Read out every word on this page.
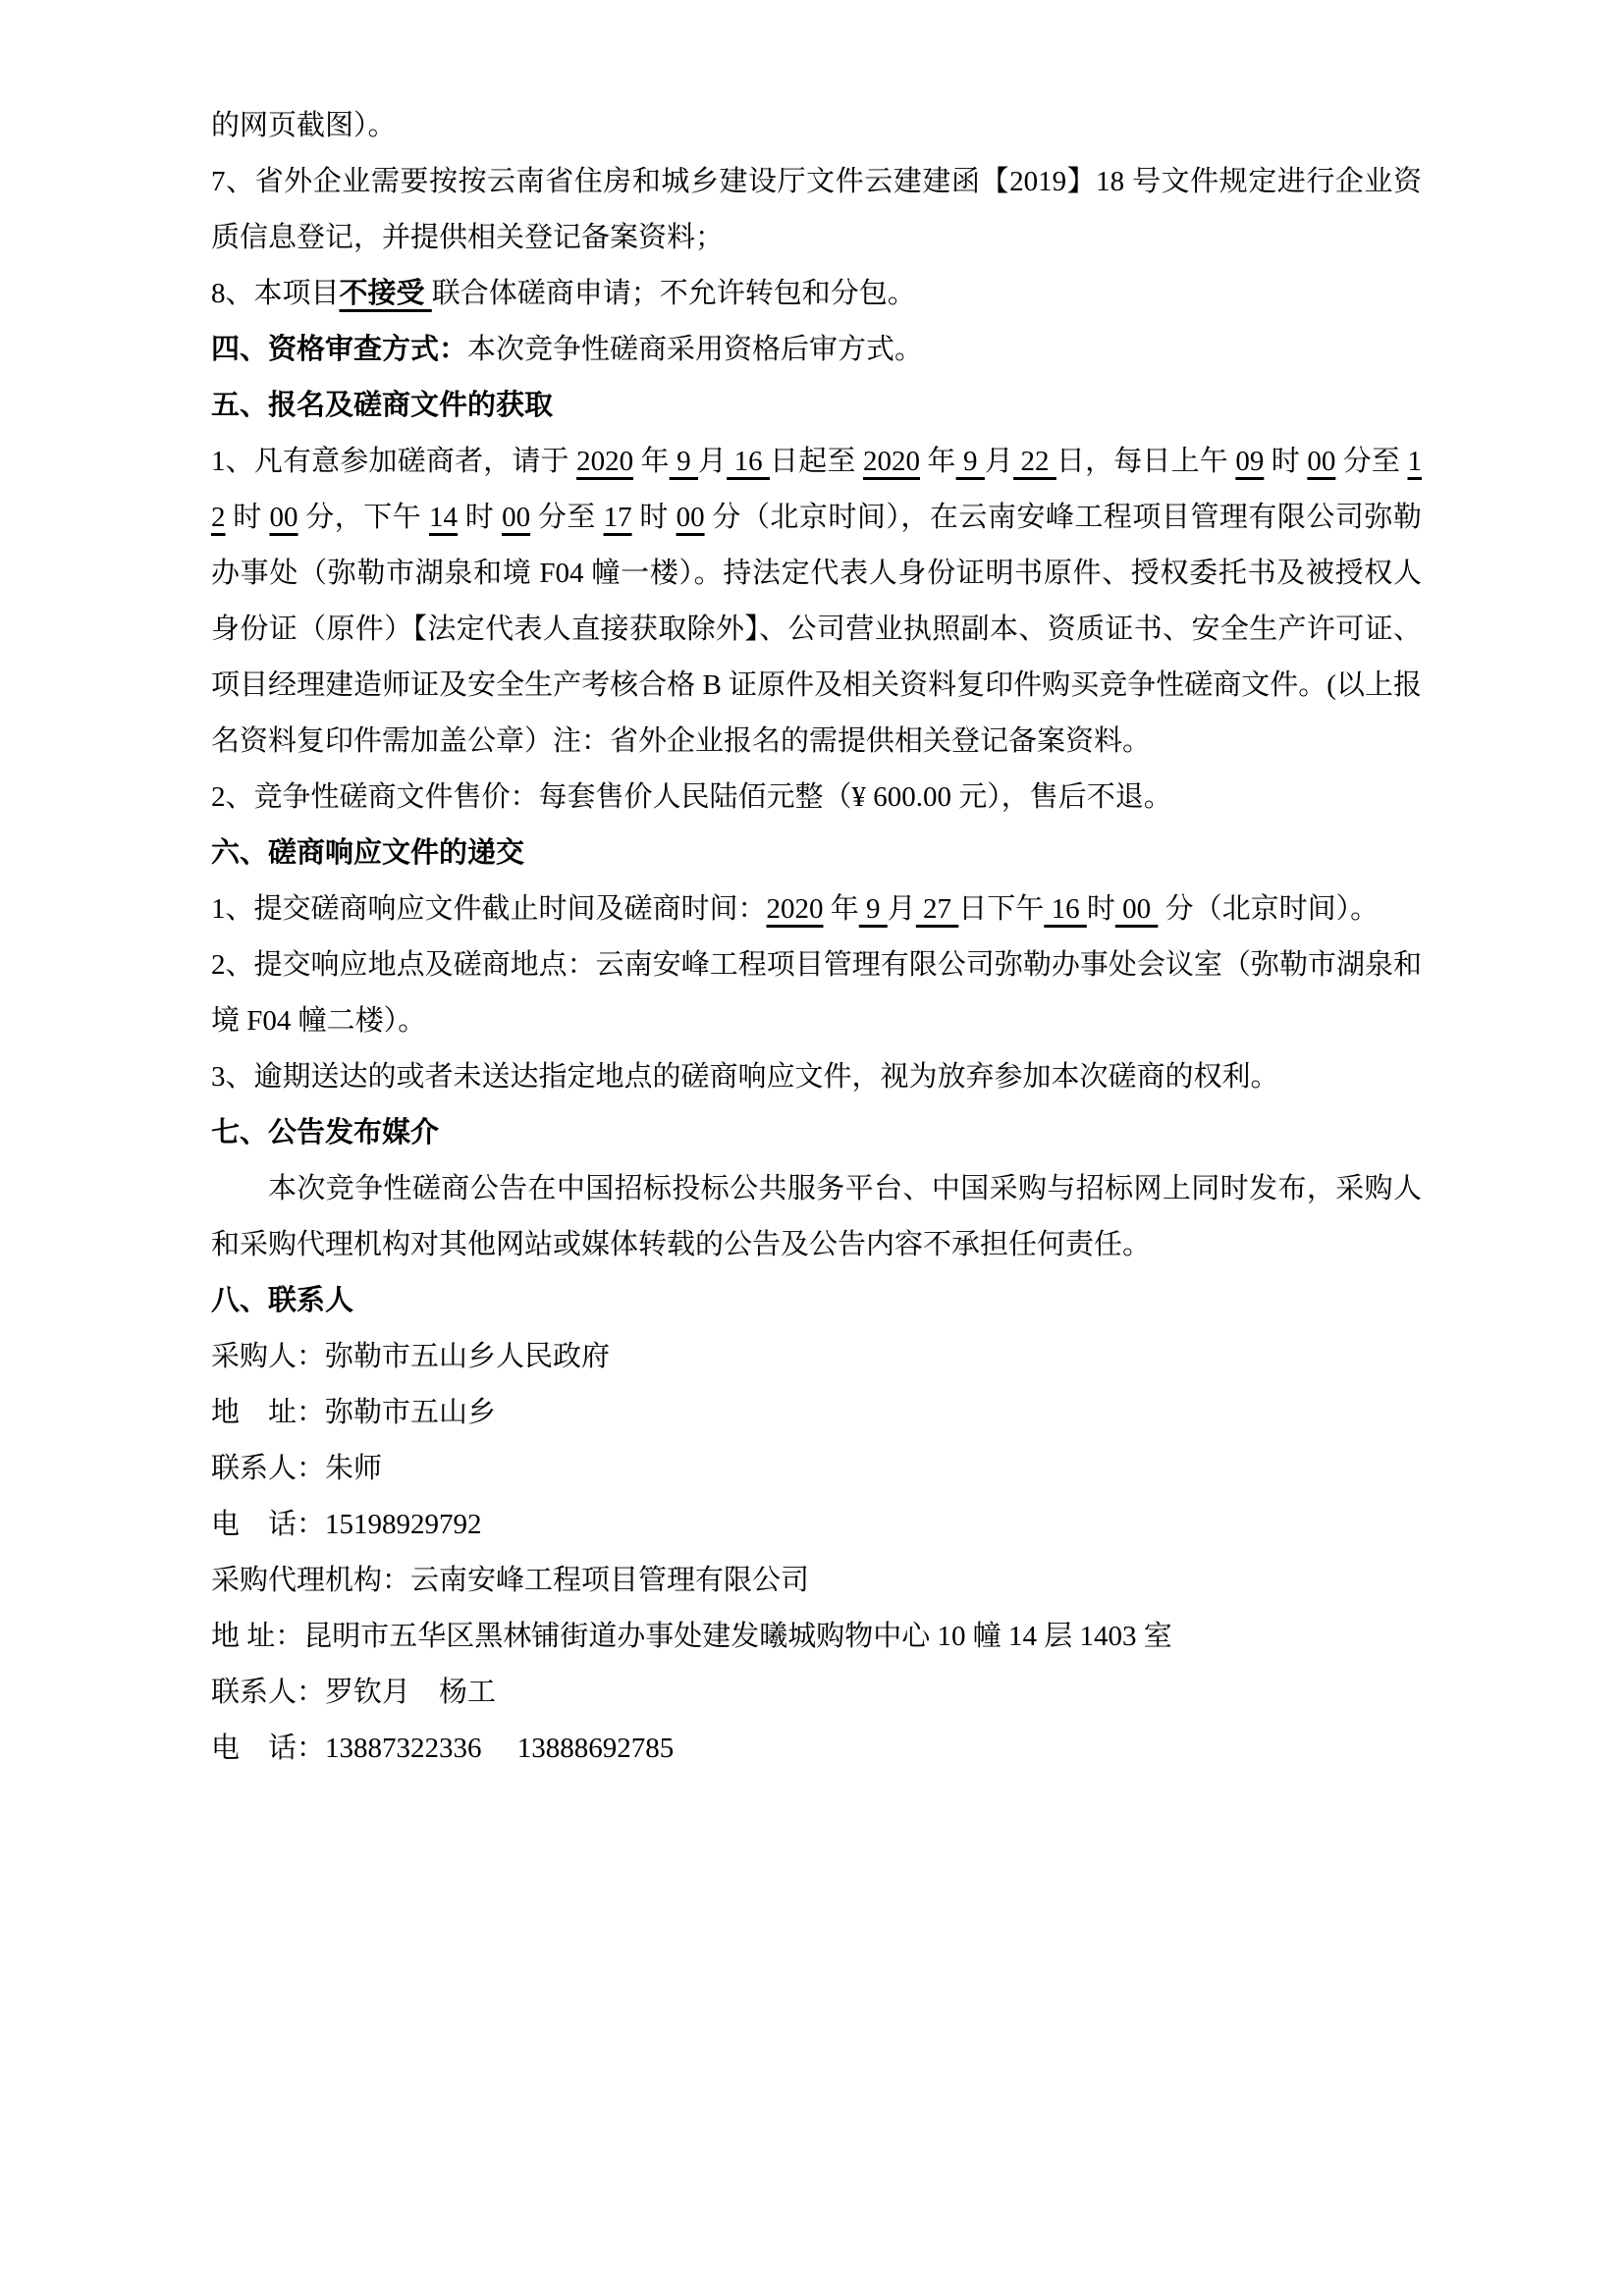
的网页截图）。

7、省外企业需要按按云南省住房和城乡建设厅文件云建建函【2019】18 号文件规定进行企业资质信息登记，并提供相关登记备案资料；

8、本项目不接受 联合体磋商申请；不允许转包和分包。

四、资格审查方式：本次竞争性磋商采用资格后审方式。

五、报名及磋商文件的获取

1、凡有意参加磋商者，请于 2020 年 9 月 16 日起至 2020 年 9 月 22 日，每日上午 09 时 00 分至 12 时 00 分，下午 14 时 00 分至 17 时 00 分（北京时间），在云南安峰工程项目管理有限公司弥勒办事处（弥勒市湖泉和境 F04 幢一楼）。持法定代表人身份证明书原件、授权委托书及被授权人身份证（原件）【法定代表人直接获取除外】、公司营业执照副本、资质证书、安全生产许可证、项目经理建造师证及安全生产考核合格 B 证原件及相关资料复印件购买竞争性磋商文件。(以上报名资料复印件需加盖公章）注：省外企业报名的需提供相关登记备案资料。

2、竞争性磋商文件售价：每套售价人民陆佰元整（¥ 600.00 元），售后不退。

六、磋商响应文件的递交

1、提交磋商响应文件截止时间及磋商时间：2020 年 9 月 27 日下午 16 时 00  分（北京时间）。

2、提交响应地点及磋商地点：云南安峰工程项目管理有限公司弥勒办事处会议室（弥勒市湖泉和境 F04 幢二楼）。

3、逾期送达的或者未送达指定地点的磋商响应文件，视为放弃参加本次磋商的权利。

七、公告发布媒介

本次竞争性磋商公告在中国招标投标公共服务平台、中国采购与招标网上同时发布，采购人和采购代理机构对其他网站或媒体转载的公告及公告内容不承担任何责任。

八、联系人

采购人：弥勒市五山乡人民政府

地　址：弥勒市五山乡

联系人：朱师

电　话：15198929792

采购代理机构：云南安峰工程项目管理有限公司

地 址：昆明市五华区黑林铺街道办事处建发曦城购物中心 10 幢 14 层 1403 室

联系人：罗钦月　杨工

电　话：13887322336　 13888692785
